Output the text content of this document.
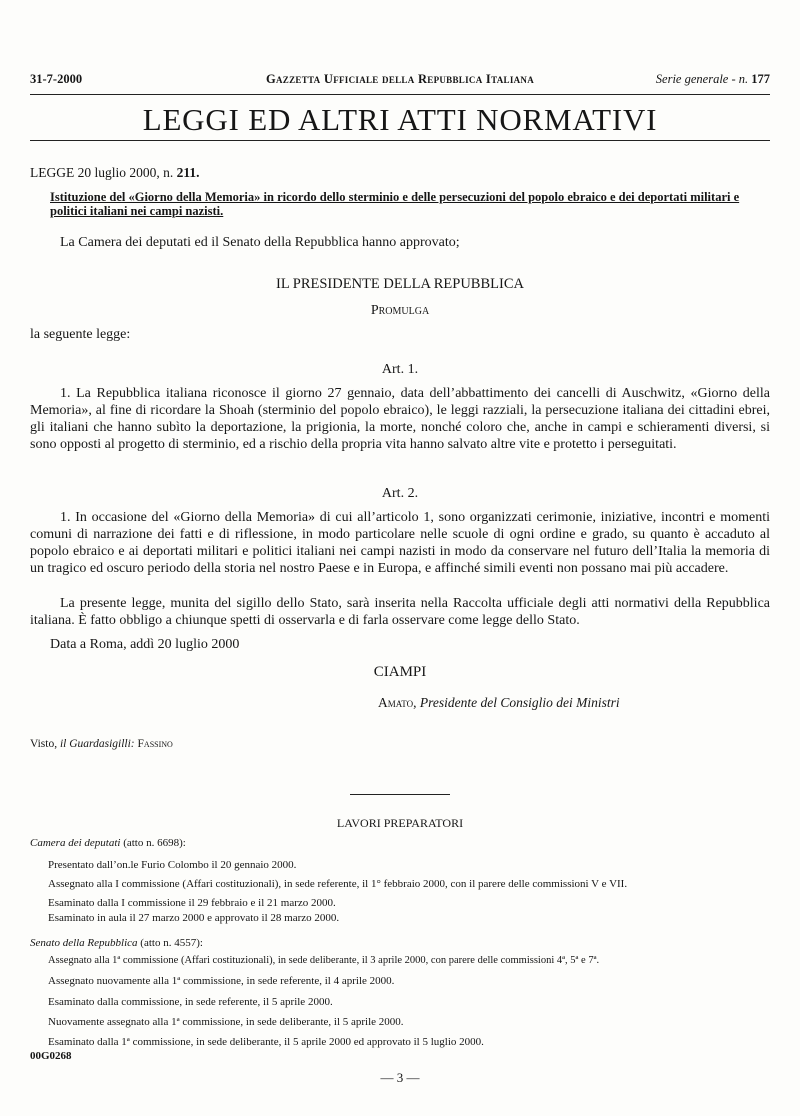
31-7-2000	Gazzetta Ufficiale della Repubblica Italiana	Serie generale - n. 177
LEGGI ED ALTRI ATTI NORMATIVI
LEGGE 20 luglio 2000, n. 211.
Istituzione del «Giorno della Memoria» in ricordo dello sterminio e delle persecuzioni del popolo ebraico e dei deportati militari e politici italiani nei campi nazisti.

La Camera dei deputati ed il Senato della Repubblica hanno approvato;

IL PRESIDENTE DELLA REPUBBLICA

Promulga

la seguente legge:

Art. 1.

1. La Repubblica italiana riconosce il giorno 27 gennaio, data dell’abbattimento dei cancelli di Auschwitz, «Giorno della Memoria», al fine di ricordare la Shoah (sterminio del popolo ebraico), le leggi razziali, la persecuzione italiana dei cittadini ebrei, gli italiani che hanno subìto la deportazione, la prigionia, la morte, nonché coloro che, anche in campi e schieramenti diversi, si sono opposti al progetto di sterminio, ed a rischio della propria vita hanno salvato altre vite e protetto i perseguitati.

Art. 2.

1. In occasione del «Giorno della Memoria» di cui all’articolo 1, sono organizzati cerimonie, iniziative, incontri e momenti comuni di narrazione dei fatti e di riflessione, in modo particolare nelle scuole di ogni ordine e grado, su quanto è accaduto al popolo ebraico e ai deportati militari e politici italiani nei campi nazisti in modo da conservare nel futuro dell’Italia la memoria di un tragico ed oscuro periodo della storia nel nostro Paese e in Europa, e affinché simili eventi non possano mai più accadere.

La presente legge, munita del sigillo dello Stato, sarà inserita nella Raccolta ufficiale degli atti normativi della Repubblica italiana. È fatto obbligo a chiunque spetti di osservarla e di farla osservare come legge dello Stato.

Data a Roma, addì 20 luglio 2000

CIAMPI

Amato, Presidente del Consiglio dei Ministri

Visto, il Guardasigilli: Fassino

LAVORI PREPARATORI

Camera dei deputati (atto n. 6698):

Presentato dall’on.le Furio Colombo il 20 gennaio 2000.

Assegnato alla I commissione (Affari costituzionali), in sede referente, il 1° febbraio 2000, con il parere delle commissioni V e VII.

Esaminato dalla I commissione il 29 febbraio e il 21 marzo 2000.

Esaminato in aula il 27 marzo 2000 e approvato il 28 marzo 2000.

Senato della Repubblica (atto n. 4557):

Assegnato alla 1ª commissione (Affari costituzionali), in sede deliberante, il 3 aprile 2000, con parere delle commissioni 4ª, 5ª e 7ª.

Assegnato nuovamente alla 1ª commissione, in sede referente, il 4 aprile 2000.

Esaminato dalla commissione, in sede referente, il 5 aprile 2000.

Nuovamente assegnato alla 1ª commissione, in sede deliberante, il 5 aprile 2000.

Esaminato dalla 1ª commissione, in sede deliberante, il 5 aprile 2000 ed approvato il 5 luglio 2000.

00G0268
— 3 —
